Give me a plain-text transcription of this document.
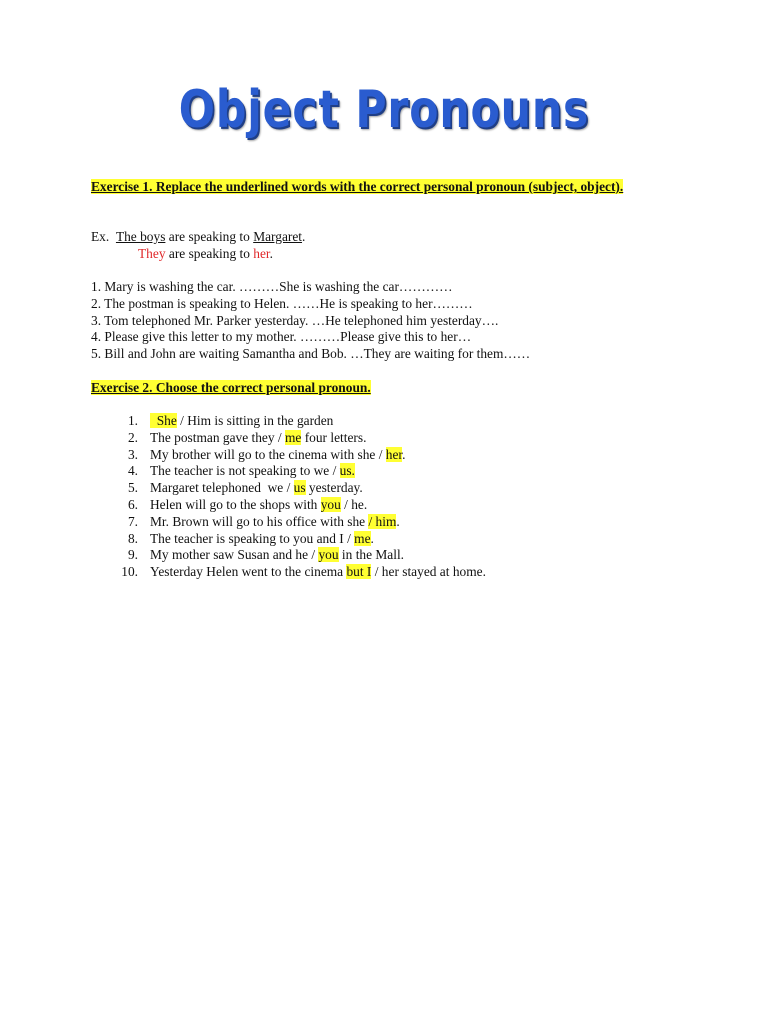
Object Pronouns
Exercise 1. Replace the underlined words with the correct personal pronoun (subject, object).
Ex. The boys are speaking to Margaret.
They are speaking to her.
1. Mary is washing the car. ………She is washing the car…………
2. The postman is speaking to Helen. ……He is speaking to her………
3. Tom telephoned Mr. Parker yesterday. …He telephoned him yesterday….
4. Please give this letter to my mother. ………Please give this to her…
5. Bill and John are waiting Samantha and Bob. …They are waiting for them……
Exercise 2. Choose the correct personal pronoun.
1. She / Him is sitting in the garden
2. The postman gave they / me four letters.
3. My brother will go to the cinema with she / her.
4. The teacher is not speaking to we / us.
5. Margaret telephoned  we / us yesterday.
6. Helen will go to the shops with you / he.
7. Mr. Brown will go to his office with she / him.
8. The teacher is speaking to you and I / me.
9. My mother saw Susan and he / you in the Mall.
10. Yesterday Helen went to the cinema but I / her stayed at home.
